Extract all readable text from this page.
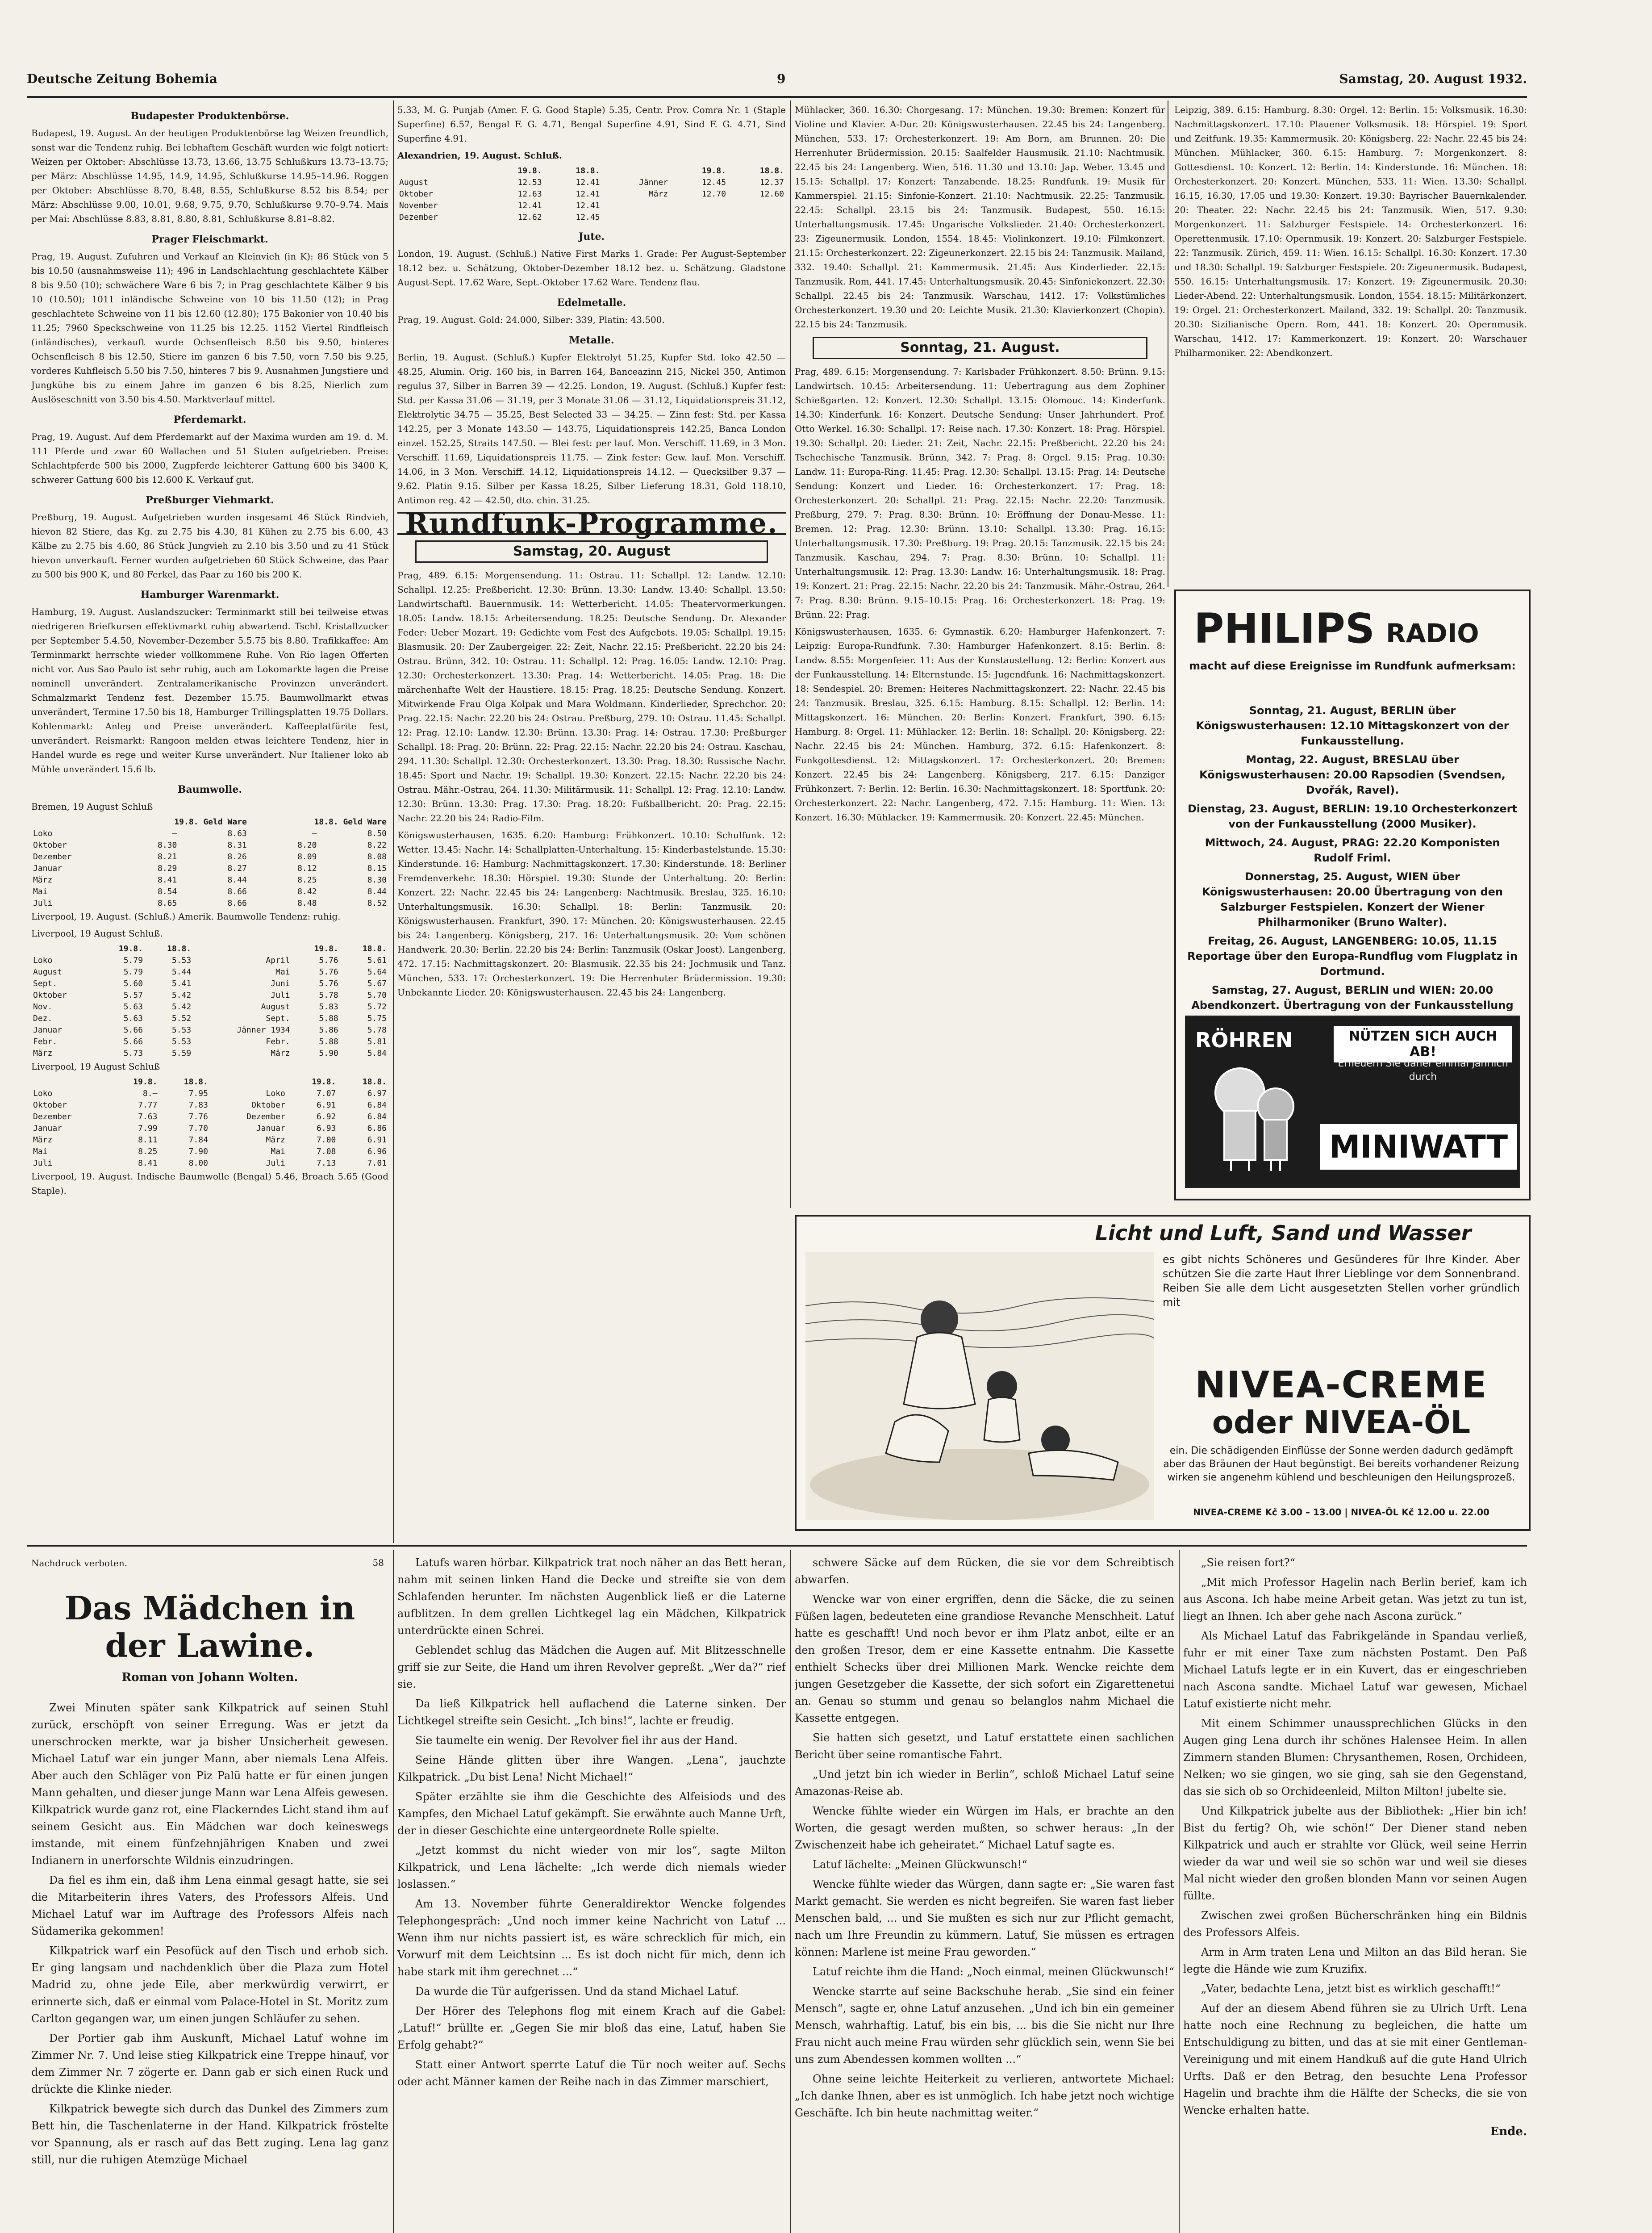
Deutsche Zeitung Bohemia	9	Samstag, 20. August 1932.
Budapester Produktenbörse.

Budapest, 19. August. An der heutigen Produktenbörse lag Weizen freundlich, sonst war die Tendenz ruhig. Bei lebhaftem Geschäft wurden wie folgt notiert: Weizen per Oktober: Abschlüsse 13.73, 13.66, 13.75 Schlußkurs 13.73–13.75; per März: Abschlüsse 14.95, 14.9, 14.95, Schlußkurse 14.95–14.96. Roggen per Oktober: Abschlüsse 8.70, 8.48, 8.55, Schlußkurse 8.52 bis 8.54; per März: Abschlüsse 9.00, 10.01, 9.68, 9.75, 9.70, Schlußkurse 9.70–9.74. Mais per Mai: Abschlüsse 8.83, 8.81, 8.80, 8.81, Schlußkurse 8.81–8.82.

Prager Fleischmarkt.

Prag, 19. August. Zufuhren und Verkauf an Kleinvieh (in K): 86 Stück von 5 bis 10.50 (ausnahmsweise 11); 496 in Landschlachtung geschlachtete Kälber 8 bis 9.50 (10); schwächere Ware 6 bis 7; in Prag geschlachtete Kälber 9 bis 10 (10.50); 1011 inländische Schweine von 10 bis 11.50 (12); in Prag geschlachtete Schweine von 11 bis 12.60 (12.80); 175 Bakonier von 10.40 bis 11.25; 7960 Speckschweine von 11.25 bis 12.25. 1152 Viertel Rindfleisch (inländisches), verkauft wurde Ochsenfleisch 8.50 bis 9.50, hinteres Ochsenfleisch 8 bis 12.50, Stiere im ganzen 6 bis 7.50, vorn 7.50 bis 9.25, vorderes Kuhfleisch 5.50 bis 7.50, hinteres 7 bis 9. Ausnahmen Jungstiere und Jungkühe bis zu einem Jahre im ganzen 6 bis 8.25, Nierlich zum Auslöseschnitt von 3.50 bis 4.50. Marktverlauf mittel.

Pferdemarkt.

Prag, 19. August. Auf dem Pferdemarkt auf der Maxima wurden am 19. d. M. 111 Pferde und zwar 60 Wallachen und 51 Stuten aufgetrieben. Preise: Schlachtpferde 500 bis 2000, Zugpferde leichterer Gattung 600 bis 3400 K, schwerer Gattung 600 bis 12.600 K. Verkauf gut.

Preßburger Viehmarkt.

Preßburg, 19. August. Aufgetrieben wurden insgesamt 46 Stück Rindvieh, hievon 82 Stiere, das Kg. zu 2.75 bis 4.30, 81 Kühen zu 2.75 bis 6.00, 43 Kälbe zu 2.75 bis 4.60, 86 Stück Jungvieh zu 2.10 bis 3.50 und zu 41 Stück hievon unverkauft. Ferner wurden aufgetrieben 60 Stück Schweine, das Paar zu 500 bis 900 K, und 80 Ferkel, das Paar zu 160 bis 200 K.

Hamburger Warenmarkt.

Hamburg, 19. August. Auslandszucker: Terminmarkt still bei teilweise etwas niedrigeren Briefkursen effektivmarkt ruhig abwartend. Tschl. Kristallzucker per September 5.4.50, November-Dezember 5.5.75 bis 8.80. Trafikkaffee: Am Terminmarkt herrschte wieder vollkommene Ruhe. Von Rio lagen Offerten nicht vor. Aus Sao Paulo ist sehr ruhig, auch am Lokomarkte lagen die Preise nominell unverändert. Zentralamerikanische Provinzen unverändert. Schmalzmarkt Tendenz fest. Dezember 15.75. Baumwollmarkt etwas unverändert, Termine 17.50 bis 18, Hamburger Trillingsplatten 19.75 Dollars. Kohlenmarkt: Anleg und Preise unverändert. Kaffeeplatfürite fest, unverändert. Reismarkt: Rangoon melden etwas leichtere Tendenz, hier in Handel wurde es rege und weiter Kurse unverändert. Nur Italiener loko ab Mühle unverändert 15.6 lb.

Baumwolle.

Bremen, 19 August Schluß

	19.8. Geld Ware		18.8. Geld Ware	
Loko	—	8.63	—	8.50
Oktober	8.30	8.31	8.20	8.22
Dezember	8.21	8.26	8.09	8.08
Januar	8.29	8.27	8.12	8.15
März	8.41	8.44	8.25	8.30
Mai	8.54	8.66	8.42	8.44
Juli	8.65	8.66	8.48	8.52

Liverpool, 19. August. (Schluß.) Amerik. Baumwolle Tendenz: ruhig.

Liverpool, 19 August Schluß.

	19.8.	18.8.		19.8.	18.8.
Loko	5.79	5.53	April	5.76	5.61
August	5.79	5.44	Mai	5.76	5.64
Sept.	5.60	5.41	Juni	5.76	5.67
Oktober	5.57	5.42	Juli	5.78	5.70
Nov.	5.63	5.42	August	5.83	5.72
Dez.	5.63	5.52	Sept.	5.88	5.75
Januar	5.66	5.53	Jänner 1934	5.86	5.78
Febr.	5.66	5.53	Febr.	5.88	5.81
März	5.73	5.59	März	5.90	5.84

Liverpool, 19 August Schluß

	19.8.	18.8.		19.8.	18.8.
Loko	8.—	7.95	Loko	7.07	6.97
Oktober	7.77	7.83	Oktober	6.91	6.84
Dezember	7.63	7.76	Dezember	6.92	6.84
Januar	7.99	7.70	Januar	6.93	6.86
März	8.11	7.84	März	7.00	6.91
Mai	8.25	7.90	Mai	7.08	6.96
Juli	8.41	8.00	Juli	7.13	7.01

Liverpool, 19. August. Indische Baumwolle (Bengal) 5.46, Broach 5.65 (Good Staple).

5.33, M. G. Punjab (Amer. F. G. Good Staple) 5.35, Centr. Prov. Comra Nr. 1 (Staple Superfine) 6.57, Bengal F. G. 4.71, Bengal Superfine 4.91, Sind F. G. 4.71, Sind Superfine 4.91.

Alexandrien, 19. August. Schluß.

	19.8.	18.8.		19.8.	18.8.
August	12.53	12.41	Jänner	12.45	12.37
Oktober	12.63	12.41	März	12.70	12.60
November	12.41	12.41			
Dezember	12.62	12.45			
Jute.

London, 19. August. (Schluß.) Native First Marks 1. Grade: Per August-September 18.12 bez. u. Schätzung, Oktober-Dezember 18.12 bez. u. Schätzung. Gladstone August-Sept. 17.62 Ware, Sept.-Oktober 17.62 Ware. Tendenz flau.

Edelmetalle.

Prag, 19. August. Gold: 24.000, Silber: 339, Platin: 43.500.

Metalle.

Berlin, 19. August. (Schluß.) Kupfer Elektrolyt 51.25, Kupfer Std. loko 42.50 — 48.25, Alumin. Orig. 160 bis, in Barren 164, Banceazinn 215, Nickel 350, Antimon regulus 37, Silber in Barren 39 — 42.25. London, 19. August. (Schluß.) Kupfer fest: Std. per Kassa 31.06 — 31.19, per 3 Monate 31.06 — 31.12, Liquidationspreis 31.12, Elektrolytic 34.75 — 35.25, Best Selected 33 — 34.25. — Zinn fest: Std. per Kassa 142.25, per 3 Monate 143.50 — 143.75, Liquidationspreis 142.25, Banca London einzel. 152.25, Straits 147.50. — Blei fest: per lauf. Mon. Verschiff. 11.69, in 3 Mon. Verschiff. 11.69, Liquidationspreis 11.75. — Zink fester: Gew. lauf. Mon. Verschiff. 14.06, in 3 Mon. Verschiff. 14.12, Liquidationspreis 14.12. — Quecksilber 9.37 — 9.62. Platin 9.15. Silber per Kassa 18.25, Silber Lieferung 18.31, Gold 118.10, Antimon reg. 42 — 42.50, dto. chin. 31.25.

Rundfunk-Programme.
Samstag, 20. August

Prag, 489. 6.15: Morgensendung. 11: Ostrau. 11: Schallpl. 12: Landw. 12.10: Schallpl. 12.25: Preßbericht. 12.30: Brünn. 13.30: Landw. 13.40: Schallpl. 13.50: Landwirtschaftl. Bauernmusik. 14: Wetterbericht. 14.05: Theatervormerkungen. 18.05: Landw. 18.15: Arbeitersendung. 18.25: Deutsche Sendung. Dr. Alexander Feder: Ueber Mozart. 19: Gedichte vom Fest des Aufgebots. 19.05: Schallpl. 19.15: Blasmusik. 20: Der Zaubergeiger. 22: Zeit, Nachr. 22.15: Preßbericht. 22.20 bis 24: Ostrau. Brünn, 342. 10: Ostrau. 11: Schallpl. 12: Prag. 16.05: Landw. 12.10: Prag. 12.30: Orchesterkonzert. 13.30: Prag. 14: Wetterbericht. 14.05: Prag. 18: Die märchenhafte Welt der Haustiere. 18.15: Prag. 18.25: Deutsche Sendung. Konzert. Mitwirkende Frau Olga Kolpak und Mara Woldmann. Kinderlieder, Sprechchor. 20: Prag. 22.15: Nachr. 22.20 bis 24: Ostrau. Preßburg, 279. 10: Ostrau. 11.45: Schallpl. 12: Prag. 12.10: Landw. 12.30: Brünn. 13.30: Prag. 14: Ostrau. 17.30: Preßburger Schallpl. 18: Prag. 20: Brünn. 22: Prag. 22.15: Nachr. 22.20 bis 24: Ostrau. Kaschau, 294. 11.30: Schallpl. 12.30: Orchesterkonzert. 13.30: Prag. 18.30: Russische Nachr. 18.45: Sport und Nachr. 19: Schallpl. 19.30: Konzert. 22.15: Nachr. 22.20 bis 24: Ostrau. Mähr.-Ostrau, 264. 11.30: Militärmusik. 11: Schallpl. 12: Prag. 12.10: Landw. 12.30: Brünn. 13.30: Prag. 17.30: Prag. 18.20: Fußballbericht. 20: Prag. 22.15: Nachr. 22.20 bis 24: Radio-Film.

Königswusterhausen, 1635. 6.20: Hamburg: Frühkonzert. 10.10: Schulfunk. 12: Wetter. 13.45: Nachr. 14: Schallplatten-Unterhaltung. 15: Kinderbastelstunde. 15.30: Kinderstunde. 16: Hamburg: Nachmittagskonzert. 17.30: Kinderstunde. 18: Berliner Fremdenverkehr. 18.30: Hörspiel. 19.30: Stunde der Unterhaltung. 20: Berlin: Konzert. 22: Nachr. 22.45 bis 24: Langenberg: Nachtmusik. Breslau, 325. 16.10: Unterhaltungsmusik. 16.30: Schallpl. 18: Berlin: Tanzmusik. 20: Königswusterhausen. Frankfurt, 390. 17: München. 20: Königswusterhausen. 22.45 bis 24: Langenberg. Königsberg, 217. 16: Unterhaltungsmusik. 20: Vom schönen Handwerk. 20.30: Berlin. 22.20 bis 24: Berlin: Tanzmusik (Oskar Joost). Langenberg, 472. 17.15: Nachmittagskonzert. 20: Blasmusik. 22.35 bis 24: Jochmusik und Tanz. München, 533. 17: Orchesterkonzert. 19: Die Herrenhuter Brüdermission. 19.30: Unbekannte Lieder. 20: Königswusterhausen. 22.45 bis 24: Langenberg.

Mühlacker, 360. 16.30: Chorgesang. 17: München. 19.30: Bremen: Konzert für Violine und Klavier. A-Dur. 20: Königswusterhausen. 22.45 bis 24: Langenberg. München, 533. 17: Orchesterkonzert. 19: Am Born, am Brunnen. 20: Die Herrenhuter Brüdermission. 20.15: Saalfelder Hausmusik. 21.10: Nachtmusik. 22.45 bis 24: Langenberg. Wien, 516. 11.30 und 13.10: Jap. Weber. 13.45 und 15.15: Schallpl. 17: Konzert: Tanzabende. 18.25: Rundfunk. 19: Musik für Kammerspiel. 21.15: Sinfonie-Konzert. 21.10: Nachtmusik. 22.25: Tanzmusik. 22.45: Schallpl. 23.15 bis 24: Tanzmusik. Budapest, 550. 16.15: Unterhaltungsmusik. 17.45: Ungarische Volkslieder. 21.40: Orchesterkonzert. 23: Zigeunermusik. London, 1554. 18.45: Violinkonzert. 19.10: Filmkonzert. 21.15: Orchesterkonzert. 22: Zigeunerkonzert. 22.15 bis 24: Tanzmusik. Mailand, 332. 19.40: Schallpl. 21: Kammermusik. 21.45: Aus Kinderlieder. 22.15: Tanzmusik. Rom, 441. 17.45: Unterhaltungsmusik. 20.45: Sinfoniekonzert. 22.30: Schallpl. 22.45 bis 24: Tanzmusik. Warschau, 1412. 17: Volkstümliches Orchesterkonzert. 19.30 und 20: Leichte Musik. 21.30: Klavierkonzert (Chopin). 22.15 bis 24: Tanzmusik.

Sonntag, 21. August.

Prag, 489. 6.15: Morgensendung. 7: Karlsbader Frühkonzert. 8.50: Brünn. 9.15: Landwirtsch. 10.45: Arbeitersendung. 11: Uebertragung aus dem Zophiner Schießgarten. 12: Konzert. 12.30: Schallpl. 13.15: Olomouc. 14: Kinderfunk. 14.30: Kinderfunk. 16: Konzert. Deutsche Sendung: Unser Jahrhundert. Prof. Otto Werkel. 16.30: Schallpl. 17: Reise nach. 17.30: Konzert. 18: Prag. Hörspiel. 19.30: Schallpl. 20: Lieder. 21: Zeit, Nachr. 22.15: Preßbericht. 22.20 bis 24: Tschechische Tanzmusik. Brünn, 342. 7: Prag. 8: Orgel. 9.15: Prag. 10.30: Landw. 11: Europa-Ring. 11.45: Prag. 12.30: Schallpl. 13.15: Prag. 14: Deutsche Sendung: Konzert und Lieder. 16: Orchesterkonzert. 17: Prag. 18: Orchesterkonzert. 20: Schallpl. 21: Prag. 22.15: Nachr. 22.20: Tanzmusik. Preßburg, 279. 7: Prag. 8.30: Brünn. 10: Eröffnung der Donau-Messe. 11: Bremen. 12: Prag. 12.30: Brünn. 13.10: Schallpl. 13.30: Prag. 16.15: Unterhaltungsmusik. 17.30: Preßburg. 19: Prag. 20.15: Tanzmusik. 22.15 bis 24: Tanzmusik. Kaschau, 294. 7: Prag. 8.30: Brünn. 10: Schallpl. 11: Unterhaltungsmusik. 12: Prag. 13.30: Landw. 16: Unterhaltungsmusik. 18: Prag. 19: Konzert. 21: Prag. 22.15: Nachr. 22.20 bis 24: Tanzmusik. Mähr.-Ostrau, 264. 7: Prag. 8.30: Brünn. 9.15–10.15: Prag. 16: Orchesterkonzert. 18: Prag. 19: Brünn. 22: Prag.

Königswusterhausen, 1635. 6: Gymnastik. 6.20: Hamburger Hafenkonzert. 7: Leipzig: Europa-Rundfunk. 7.30: Hamburger Hafenkonzert. 8.15: Berlin. 8: Landw. 8.55: Morgenfeier. 11: Aus der Kunstaustellung. 12: Berlin: Konzert aus der Funkausstellung. 14: Elternstunde. 15: Jugendfunk. 16: Nachmittagskonzert. 18: Sendespiel. 20: Bremen: Heiteres Nachmittagskonzert. 22: Nachr. 22.45 bis 24: Tanzmusik. Breslau, 325. 6.15: Hamburg. 8.15: Schallpl. 12: Berlin. 14: Mittagskonzert. 16: München. 20: Berlin: Konzert. Frankfurt, 390. 6.15: Hamburg. 8: Orgel. 11: Mühlacker. 12: Berlin. 18: Schallpl. 20: Königsberg. 22: Nachr. 22.45 bis 24: München. Hamburg, 372. 6.15: Hafenkonzert. 8: Funkgottesdienst. 12: Mittagskonzert. 17: Orchesterkonzert. 20: Bremen: Konzert. 22.45 bis 24: Langenberg. Königsberg, 217. 6.15: Danziger Frühkonzert. 7: Berlin. 12: Berlin. 16.30: Nachmittagskonzert. 18: Sportfunk. 20: Orchesterkonzert. 22: Nachr. Langenberg, 472. 7.15: Hamburg. 11: Wien. 13: Konzert. 16.30: Mühlacker. 19: Kammermusik. 20: Konzert. 22.45: München.

Leipzig, 389. 6.15: Hamburg. 8.30: Orgel. 12: Berlin. 15: Volksmusik. 16.30: Nachmittagskonzert. 17.10: Plauener Volksmusik. 18: Hörspiel. 19: Sport und Zeitfunk. 19.35: Kammermusik. 20: Königsberg. 22: Nachr. 22.45 bis 24: München. Mühlacker, 360. 6.15: Hamburg. 7: Morgenkonzert. 8: Gottesdienst. 10: Konzert. 12: Berlin. 14: Kinderstunde. 16: München. 18: Orchesterkonzert. 20: Konzert. München, 533. 11: Wien. 13.30: Schallpl. 16.15, 16.30, 17.05 und 19.30: Konzert. 19.30: Bayrischer Bauernkalender. 20: Theater. 22: Nachr. 22.45 bis 24: Tanzmusik. Wien, 517. 9.30: Morgenkonzert. 11: Salzburger Festspiele. 14: Orchesterkonzert. 16: Operettenmusik. 17.10: Opernmusik. 19: Konzert. 20: Salzburger Festspiele. 22: Tanzmusik. Zürich, 459. 11: Wien. 16.15: Schallpl. 16.30: Konzert. 17.30 und 18.30: Schallpl. 19: Salzburger Festspiele. 20: Zigeunermusik. Budapest, 550. 16.15: Unterhaltungsmusik. 17: Konzert. 19: Zigeunermusik. 20.30: Lieder-Abend. 22: Unterhaltungsmusik. London, 1554. 18.15: Militärkonzert. 19: Orgel. 21: Orchesterkonzert. Mailand, 332. 19: Schallpl. 20: Tanzmusik. 20.30: Sizilianische Opern. Rom, 441. 18: Konzert. 20: Opernmusik. Warschau, 1412. 17: Kammerkonzert. 19: Konzert. 20: Warschauer Philharmoniker. 22: Abendkonzert.

PHILIPS RADIO
macht auf diese Ereignisse im Rundfunk aufmerksam:
Sonntag, 21. August, BERLIN über Königswusterhausen: 12.10 Mittagskonzert von der Funkausstellung.
Montag, 22. August, BRESLAU über Königswusterhausen: 20.00 Rapsodien (Svendsen, Dvořák, Ravel).
Dienstag, 23. August, BERLIN: 19.10 Orchesterkonzert von der Funkausstellung (2000 Musiker).
Mittwoch, 24. August, PRAG: 22.20 Komponisten Rudolf Friml.
Donnerstag, 25. August, WIEN über Königswusterhausen: 20.00 Übertragung von den Salzburger Festspielen. Konzert der Wiener Philharmoniker (Bruno Walter).
Freitag, 26. August, LANGENBERG: 10.05, 11.15 Reportage über den Europa-Rundflug vom Flugplatz in Dortmund.
Samstag, 27. August, BERLIN und WIEN: 20.00 Abendkonzert. Übertragung von der Funkausstellung
RÖHREN	NÜTZEN SICH AUCH AB!
Erneuern Sie daher einmal jährlich durch
MINIWATT
Licht und Luft, Sand und Wasser
es gibt nichts Schöneres und Gesünderes für Ihre Kinder. Aber schützen Sie die zarte Haut Ihrer Lieblinge vor dem Sonnenbrand. Reiben Sie alle dem Licht ausgesetzten Stellen vorher gründlich mit
NIVEA-CREME
oder NIVEA-ÖL
ein. Die schädigenden Einflüsse der Sonne werden dadurch gedämpft aber das Bräunen der Haut begünstigt. Bei bereits vorhandener Reizung wirken sie angenehm kühlend und beschleunigen den Heilungsprozeß.
NIVEA-CREME Kč 3.00 – 13.00 | NIVEA-ÖL Kč 12.00 u. 22.00
Nachdruck verboten.	58
Das Mädchen in der Lawine.
Roman von Johann Wolten.

Zwei Minuten später sank Kilkpatrick auf seinen Stuhl zurück, erschöpft von seiner Erregung. Was er jetzt da unerschrocken merkte, war ja bisher Unsicherheit gewesen. Michael Latuf war ein junger Mann, aber niemals Lena Alfeis. Aber auch den Schläger von Piz Palü hatte er für einen jungen Mann gehalten, und dieser junge Mann war Lena Alfeis gewesen. Kilkpatrick wurde ganz rot, eine Flackerndes Licht stand ihm auf seinem Gesicht aus. Ein Mädchen war doch keineswegs imstande, mit einem fünfzehnjährigen Knaben und zwei Indianern in unerforschte Wildnis einzudringen.

Da fiel es ihm ein, daß ihm Lena einmal gesagt hatte, sie sei die Mitarbeiterin ihres Vaters, des Professors Alfeis. Und Michael Latuf war im Auftrage des Professors Alfeis nach Südamerika gekommen!

Kilkpatrick warf ein Pesofück auf den Tisch und erhob sich. Er ging langsam und nachdenklich über die Plaza zum Hotel Madrid zu, ohne jede Eile, aber merkwürdig verwirrt, er erinnerte sich, daß er einmal vom Palace-Hotel in St. Moritz zum Carlton gegangen war, um einen jungen Schläufer zu sehen.

Der Portier gab ihm Auskunft, Michael Latuf wohne im Zimmer Nr. 7. Und leise stieg Kilkpatrick eine Treppe hinauf, vor dem Zimmer Nr. 7 zögerte er. Dann gab er sich einen Ruck und drückte die Klinke nieder.

Kilkpatrick bewegte sich durch das Dunkel des Zimmers zum Bett hin, die Taschenlaterne in der Hand. Kilkpatrick fröstelte vor Spannung, als er rasch auf das Bett zuging. Lena lag ganz still, nur die ruhigen Atemzüge Michael

Latufs waren hörbar. Kilkpatrick trat noch näher an das Bett heran, nahm mit seinen linken Hand die Decke und streifte sie von dem Schlafenden herunter. Im nächsten Augenblick ließ er die Laterne aufblitzen. In dem grellen Lichtkegel lag ein Mädchen, Kilkpatrick unterdrückte einen Schrei.

Geblendet schlug das Mädchen die Augen auf. Mit Blitzesschnelle griff sie zur Seite, die Hand um ihren Revolver gepreßt. „Wer da?“ rief sie.

Da ließ Kilkpatrick hell auflachend die Laterne sinken. Der Lichtkegel streifte sein Gesicht. „Ich bins!“, lachte er freudig.

Sie taumelte ein wenig. Der Revolver fiel ihr aus der Hand.

Seine Hände glitten über ihre Wangen. „Lena“, jauchzte Kilkpatrick. „Du bist Lena! Nicht Michael!“

Später erzählte sie ihm die Geschichte des Alfeisiods und des Kampfes, den Michael Latuf gekämpft. Sie erwähnte auch Manne Urft, der in dieser Geschichte eine untergeordnete Rolle spielte.

„Jetzt kommst du nicht wieder von mir los“, sagte Milton Kilkpatrick, und Lena lächelte: „Ich werde dich niemals wieder loslassen.“

Am 13. November führte Generaldirektor Wencke folgendes Telephongespräch: „Und noch immer keine Nachricht von Latuf ... Wenn ihm nur nichts passiert ist, es wäre schrecklich für mich, ein Vorwurf mit dem Leichtsinn ... Es ist doch nicht für mich, denn ich habe stark mit ihm gerechnet ...“

Da wurde die Tür aufgerissen. Und da stand Michael Latuf.

Der Hörer des Telephons flog mit einem Krach auf die Gabel: „Latuf!“ brüllte er. „Gegen Sie mir bloß das eine, Latuf, haben Sie Erfolg gehabt?“

Statt einer Antwort sperrte Latuf die Tür noch weiter auf. Sechs oder acht Männer kamen der Reihe nach in das Zimmer marschiert,

schwere Säcke auf dem Rücken, die sie vor dem Schreibtisch abwarfen.

Wencke war von einer ergriffen, denn die Säcke, die zu seinen Füßen lagen, bedeuteten eine grandiose Revanche Menschheit. Latuf hatte es geschafft! Und noch bevor er ihm Platz anbot, eilte er an den großen Tresor, dem er eine Kassette entnahm. Die Kassette enthielt Schecks über drei Millionen Mark. Wencke reichte dem jungen Gesetzgeber die Kassette, der sich sofort ein Zigarettenetui an. Genau so stumm und genau so belanglos nahm Michael die Kassette entgegen.

Sie hatten sich gesetzt, und Latuf erstattete einen sachlichen Bericht über seine romantische Fahrt.

„Und jetzt bin ich wieder in Berlin“, schloß Michael Latuf seine Amazonas-Reise ab.

Wencke fühlte wieder ein Würgen im Hals, er brachte an den Worten, die gesagt werden mußten, so schwer heraus: „In der Zwischenzeit habe ich geheiratet.“ Michael Latuf sagte es.

Latuf lächelte: „Meinen Glückwunsch!“

Wencke fühlte wieder das Würgen, dann sagte er: „Sie waren fast Markt gemacht. Sie werden es nicht begreifen. Sie waren fast lieber Menschen bald, ... und Sie mußten es sich nur zur Pflicht gemacht, nach um Ihre Freundin zu kümmern. Latuf, Sie müssen es ertragen können: Marlene ist meine Frau geworden.“

Latuf reichte ihm die Hand: „Noch einmal, meinen Glückwunsch!“

Wencke starrte auf seine Backschuhe herab. „Sie sind ein feiner Mensch“, sagte er, ohne Latuf anzusehen. „Und ich bin ein gemeiner Mensch, wahrhaftig. Latuf, bis ein bis, ... bis die Sie nicht nur Ihre Frau nicht auch meine Frau würden sehr glücklich sein, wenn Sie bei uns zum Abendessen kommen wollten ...“

Ohne seine leichte Heiterkeit zu verlieren, antwortete Michael: „Ich danke Ihnen, aber es ist unmöglich. Ich habe jetzt noch wichtige Geschäfte. Ich bin heute nachmittag weiter.“

„Sie reisen fort?“

„Mit mich Professor Hagelin nach Berlin berief, kam ich aus Ascona. Ich habe meine Arbeit getan. Was jetzt zu tun ist, liegt an Ihnen. Ich aber gehe nach Ascona zurück.“

Als Michael Latuf das Fabrikgelände in Spandau verließ, fuhr er mit einer Taxe zum nächsten Postamt. Den Paß Michael Latufs legte er in ein Kuvert, das er eingeschrieben nach Ascona sandte. Michael Latuf war gewesen, Michael Latuf existierte nicht mehr.

Mit einem Schimmer unaussprechlichen Glücks in den Augen ging Lena durch ihr schönes Halensee Heim. In allen Zimmern standen Blumen: Chrysanthemen, Rosen, Orchideen, Nelken; wo sie gingen, wo sie ging, sah sie den Gegenstand, das sie sich ob so Orchideenleid, Milton Milton! jubelte sie.

Und Kilkpatrick jubelte aus der Bibliothek: „Hier bin ich! Bist du fertig? Oh, wie schön!“ Der Diener stand neben Kilkpatrick und auch er strahlte vor Glück, weil seine Herrin wieder da war und weil sie so schön war und weil sie dieses Mal nicht wieder den großen blonden Mann vor seinen Augen füllte.

Zwischen zwei großen Bücherschränken hing ein Bildnis des Professors Alfeis.

Arm in Arm traten Lena und Milton an das Bild heran. Sie legte die Hände wie zum Kruzifix.

„Vater, bedachte Lena, jetzt bist es wirklich geschafft!“

Auf der an diesem Abend führen sie zu Ulrich Urft. Lena hatte noch eine Rechnung zu begleichen, die hatte um Entschuldigung zu bitten, und das at sie mit einer Gentleman-Vereinigung und mit einem Handkuß auf die gute Hand Ulrich Urfts. Daß er den Betrag, den besuchte Lena Professor Hagelin und brachte ihm die Hälfte der Schecks, die sie von Wencke erhalten hatte.

Ende.
